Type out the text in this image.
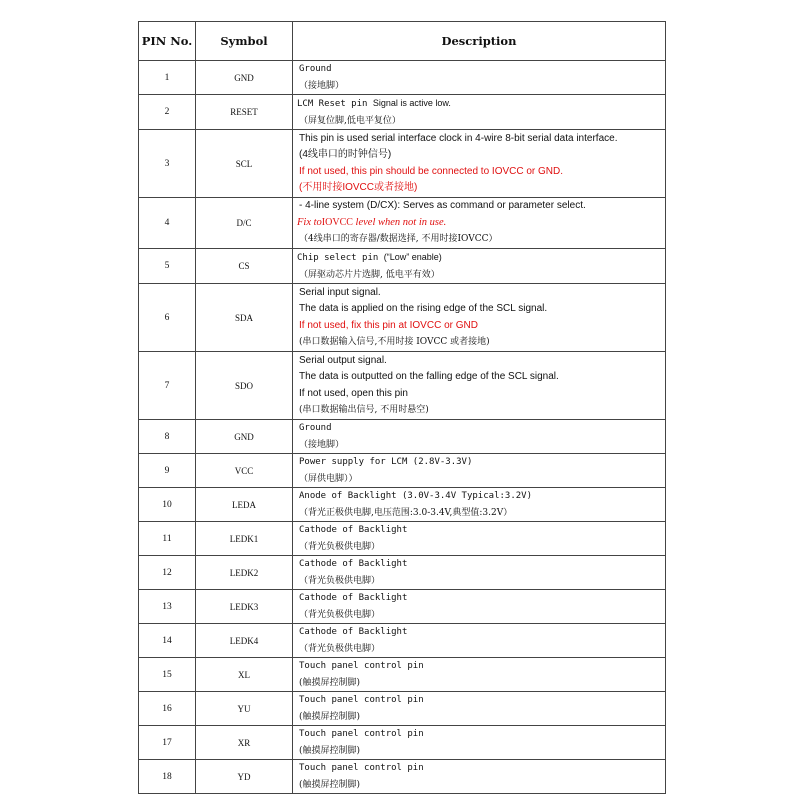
PIN No.	Symbol	Description
1	GND	Ground
（接地脚）

2	RESET	LCM Reset pin Signal is active low.
（屏复位脚,低电平复位）

3	SCL	This pin is used serial interface clock in 4-wire 8-bit serial data interface.
(4线串口的时钟信号)
If not used, this pin should be connected to IOVCC or GND.
(不用时接IOVCC或者接地)

4	D/C	- 4-line system (D/CX): Serves as command or parameter select.
Fix toIOVCC level when not in use.
（4线串口的寄存器/数据选择, 不用时接IOVCC）

5	CS	Chip select pin (“Low” enable)
（屏驱动芯片片选脚, 低电平有效）

6	SDA	Serial input signal.
The data is applied on the rising edge of the SCL signal.
If not used, fix this pin at IOVCC or GND
(串口数据输入信号,不用时接 IOVCC 或者接地)

7	SDO	Serial output signal.
The data is outputted on the falling edge of the SCL signal.
If not used, open this pin
(串口数据输出信号, 不用时悬空)

8	GND	Ground
（接地脚）

9	VCC	Power supply for LCM (2.8V-3.3V)
（屏供电脚））

10	LEDA	Anode of Backlight (3.0V-3.4V Typical:3.2V)
（背光正极供电脚,电压范围:3.0-3.4V,典型值:3.2V）

11	LEDK1	Cathode of Backlight
（背光负极供电脚）

12	LEDK2	Cathode of Backlight
（背光负极供电脚）

13	LEDK3	Cathode of Backlight
（背光负极供电脚）

14	LEDK4	Cathode of Backlight
（背光负极供电脚）

15	XL	Touch panel control pin
(触摸屏控制脚)

16	YU	Touch panel control pin
(触摸屏控制脚)

17	XR	Touch panel control pin
(触摸屏控制脚)

18	YD	Touch panel control pin
(触摸屏控制脚)
